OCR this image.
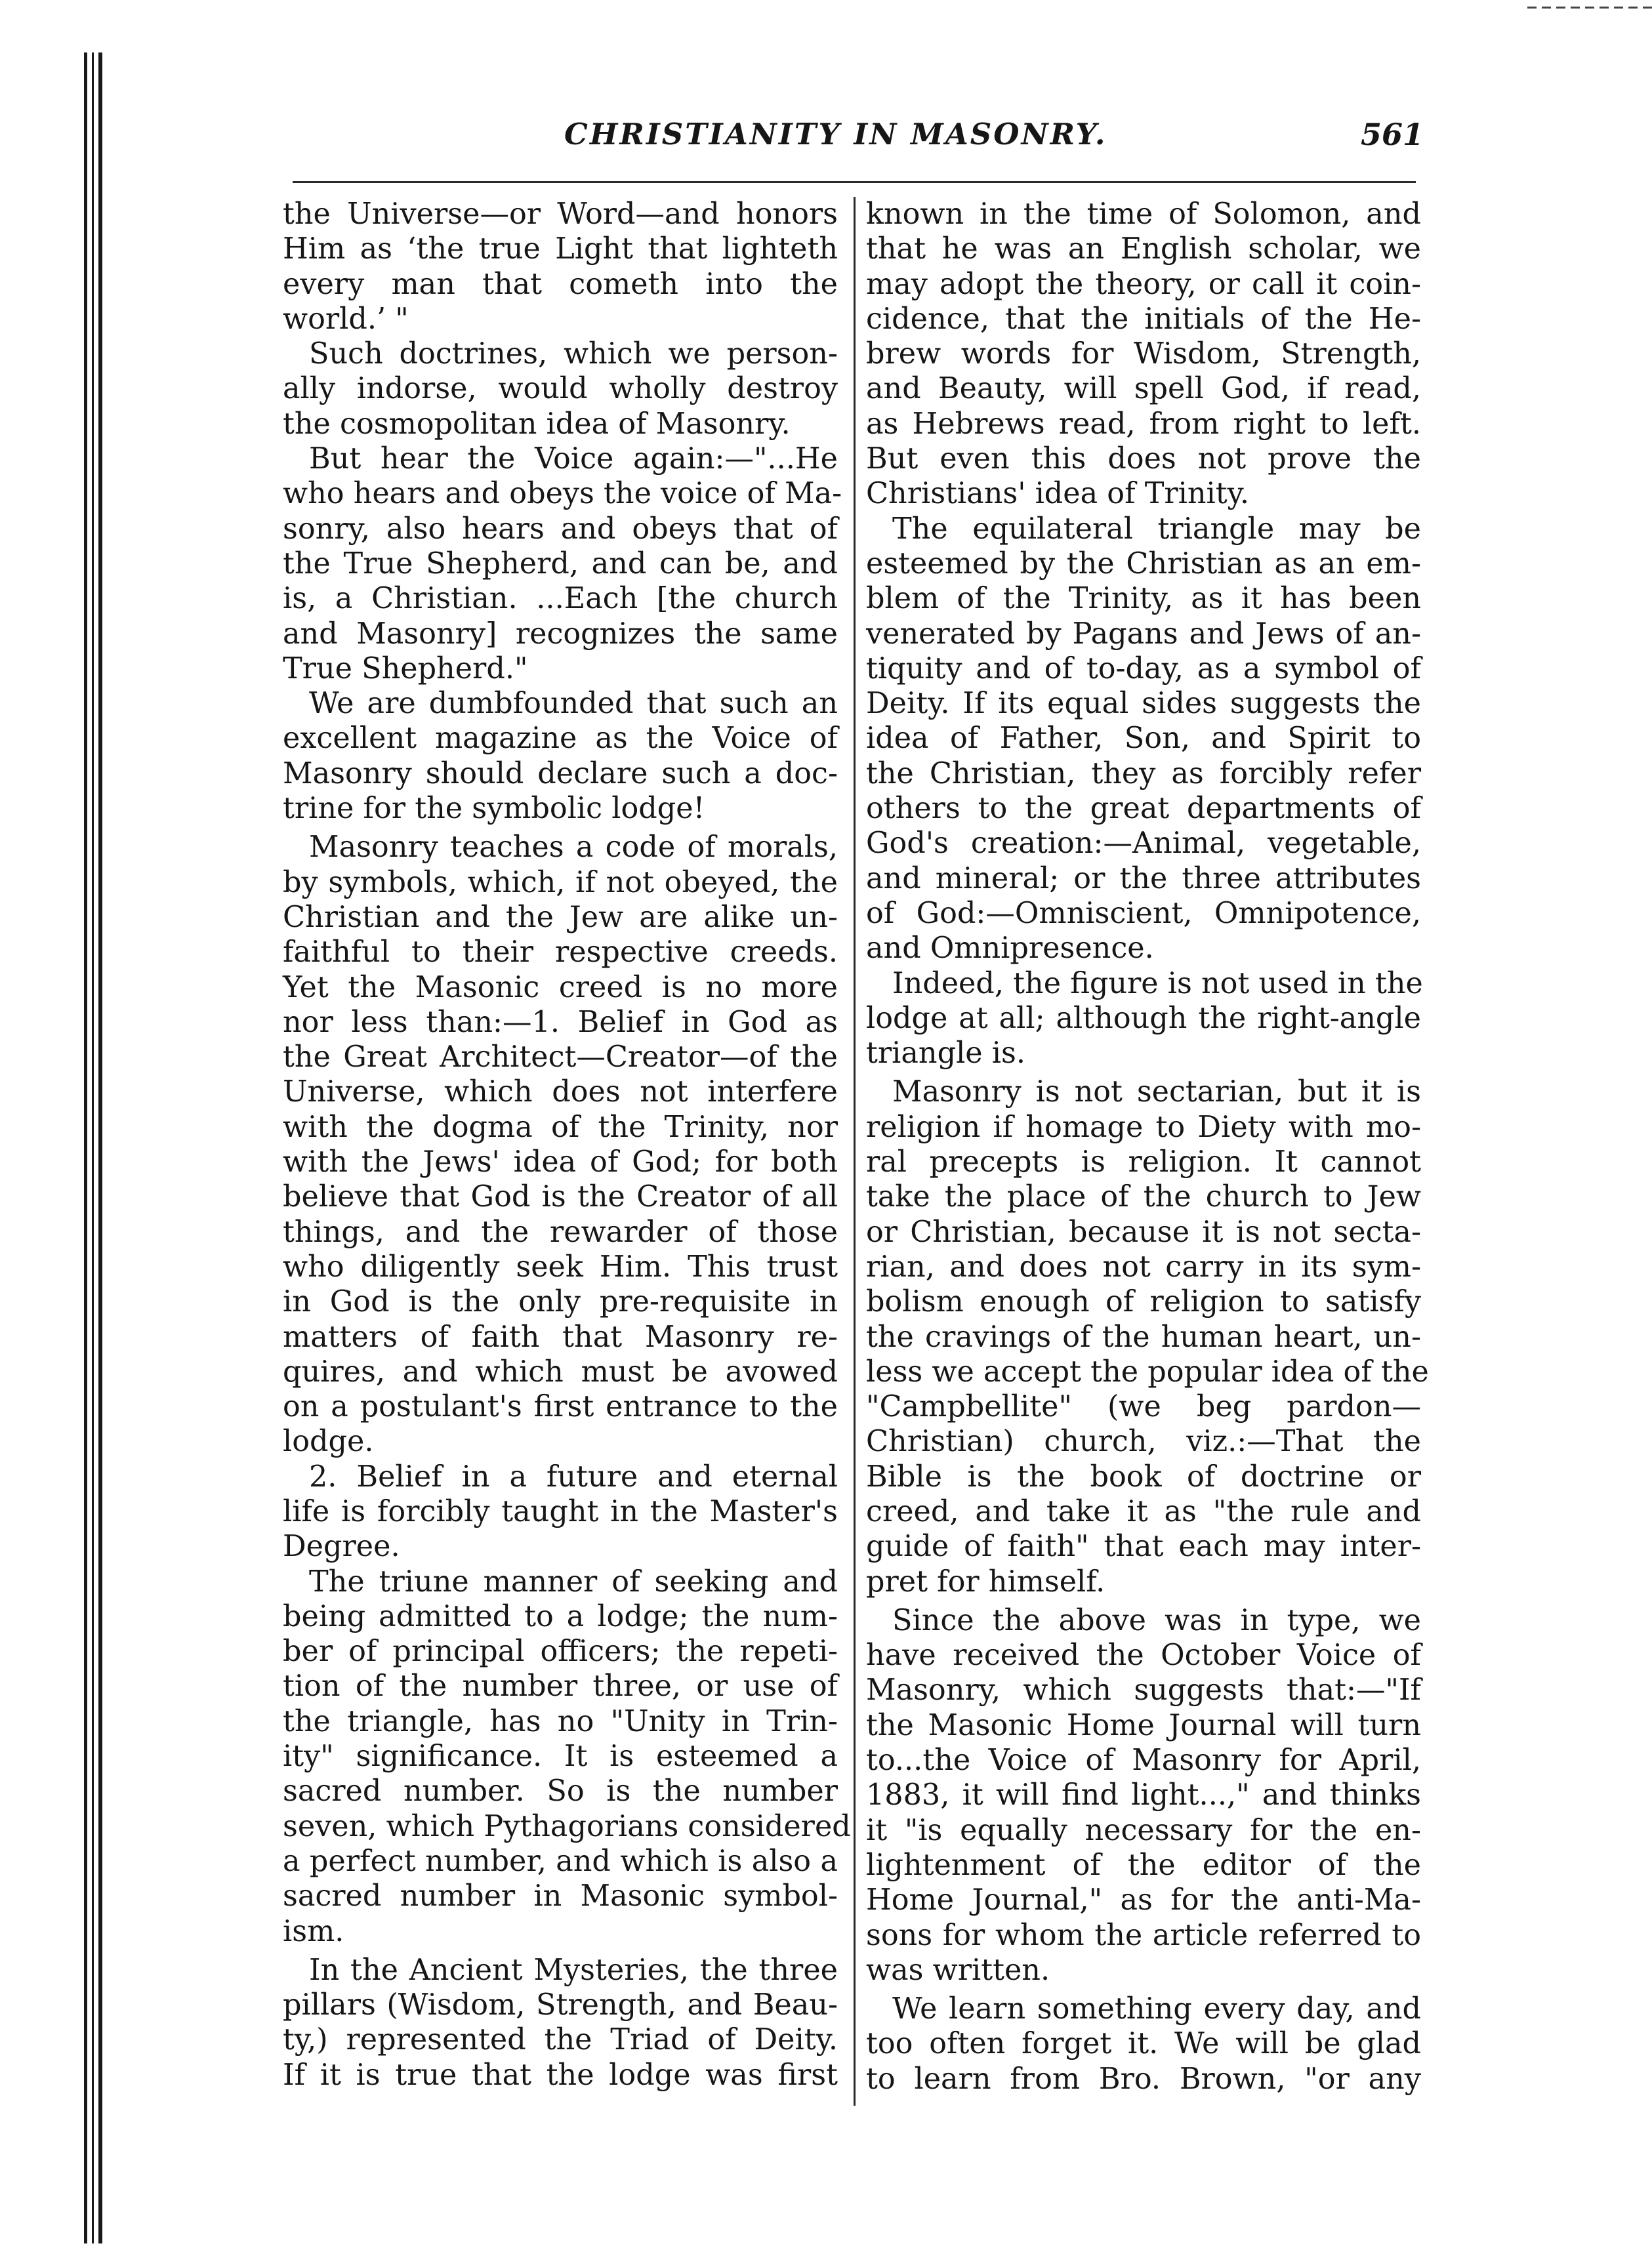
CHRISTIANITY IN MASONRY.	561
the Universe—or Word—and honors
Him as ‘the true Light that lighteth
every man that cometh into the
world.’ "
Such doctrines, which we person-
ally indorse, would wholly destroy
the cosmopolitan idea of Masonry.
But hear the Voice again:—"...He
who hears and obeys the voice of Ma-
sonry, also hears and obeys that of
the True Shepherd, and can be, and
is, a Christian. ...Each [the church
and Masonry] recognizes the same
True Shepherd."
We are dumbfounded that such an
excellent magazine as the Voice of
Masonry should declare such a doc-
trine for the symbolic lodge!
Masonry teaches a code of morals,
by symbols, which, if not obeyed, the
Christian and the Jew are alike un-
faithful to their respective creeds.
Yet the Masonic creed is no more
nor less than:—1. Belief in God as
the Great Architect—Creator—of the
Universe, which does not interfere
with the dogma of the Trinity, nor
with the Jews' idea of God; for both
believe that God is the Creator of all
things, and the rewarder of those
who diligently seek Him. This trust
in God is the only pre-requisite in
matters of faith that Masonry re-
quires, and which must be avowed
on a postulant's first entrance to the
lodge.
2. Belief in a future and eternal
life is forcibly taught in the Master's
Degree.
The triune manner of seeking and
being admitted to a lodge; the num-
ber of principal officers; the repeti-
tion of the number three, or use of
the triangle, has no "Unity in Trin-
ity" significance. It is esteemed a
sacred number. So is the number
seven, which Pythagorians considered
a perfect number, and which is also a
sacred number in Masonic symbol-
ism.
In the Ancient Mysteries, the three
pillars (Wisdom, Strength, and Beau-
ty,) represented the Triad of Deity.
If it is true that the lodge was first
known in the time of Solomon, and
that he was an English scholar, we
may adopt the theory, or call it coin-
cidence, that the initials of the He-
brew words for Wisdom, Strength,
and Beauty, will spell God, if read,
as Hebrews read, from right to left.
But even this does not prove the
Christians' idea of Trinity.
The equilateral triangle may be
esteemed by the Christian as an em-
blem of the Trinity, as it has been
venerated by Pagans and Jews of an-
tiquity and of to-day, as a symbol of
Deity. If its equal sides suggests the
idea of Father, Son, and Spirit to
the Christian, they as forcibly refer
others to the great departments of
God's creation:—Animal, vegetable,
and mineral; or the three attributes
of God:—Omniscient, Omnipotence,
and Omnipresence.
Indeed, the figure is not used in the
lodge at all; although the right-angle
triangle is.
Masonry is not sectarian, but it is
religion if homage to Diety with mo-
ral precepts is religion. It cannot
take the place of the church to Jew
or Christian, because it is not secta-
rian, and does not carry in its sym-
bolism enough of religion to satisfy
the cravings of the human heart, un-
less we accept the popular idea of the
"Campbellite" (we beg pardon—
Christian) church, viz.:—That the
Bible is the book of doctrine or
creed, and take it as "the rule and
guide of faith" that each may inter-
pret for himself.
Since the above was in type, we
have received the October Voice of
Masonry, which suggests that:—"If
the Masonic Home Journal will turn
to...the Voice of Masonry for April,
1883, it will find light...," and thinks
it "is equally necessary for the en-
lightenment of the editor of the
Home Journal," as for the anti-Ma-
sons for whom the article referred to
was written.
We learn something every day, and
too often forget it. We will be glad
to learn from Bro. Brown, "or any
